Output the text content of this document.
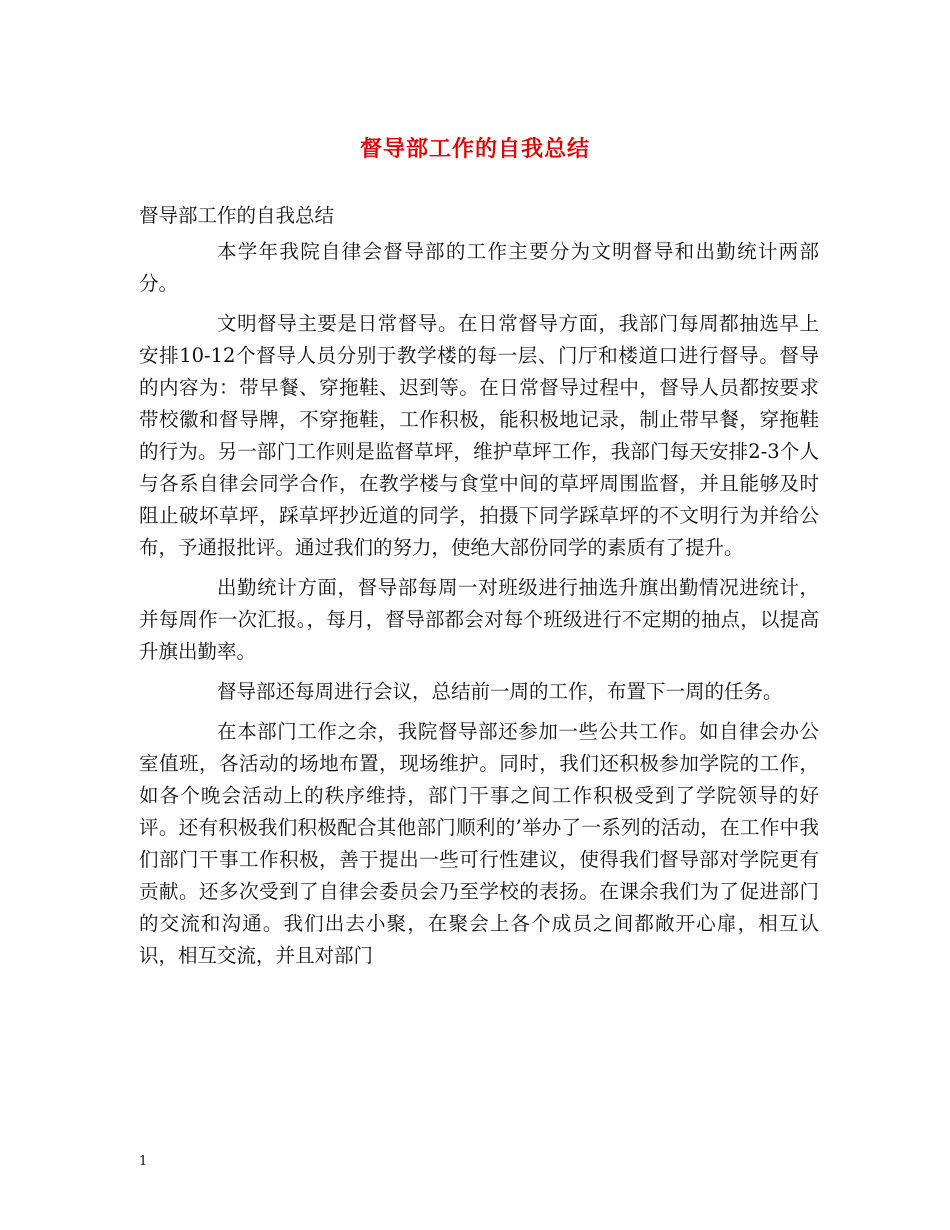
督导部工作的自我总结

督导部工作的自我总结

本学年我院自律会督导部的工作主要分为文明督导和出勤统计两部分。

文明督导主要是日常督导。在日常督导方面，我部门每周都抽选早上安排10-12个督导人员分别于教学楼的每一层、门厅和楼道口进行督导。督导的内容为：带早餐、穿拖鞋、迟到等。在日常督导过程中，督导人员都按要求带校徽和督导牌，不穿拖鞋，工作积极，能积极地记录，制止带早餐，穿拖鞋的行为。另一部门工作则是监督草坪，维护草坪工作，我部门每天安排2-3个人与各系自律会同学合作，在教学楼与食堂中间的草坪周围监督，并且能够及时阻止破坏草坪，踩草坪抄近道的同学，拍摄下同学踩草坪的不文明行为并给公布，予通报批评。通过我们的努力，使绝大部份同学的素质有了提升。

出勤统计方面，督导部每周一对班级进行抽选升旗出勤情况进统计，并每周作一次汇报。，每月，督导部都会对每个班级进行不定期的抽点，以提高升旗出勤率。

督导部还每周进行会议，总结前一周的工作，布置下一周的任务。

在本部门工作之余，我院督导部还参加一些公共工作。如自律会办公室值班，各活动的场地布置，现场维护。同时，我们还积极参加学院的工作，如各个晚会活动上的秩序维持，部门干事之间工作积极受到了学院领导的好评。还有积极我们积极配合其他部门顺利的’举办了一系列的活动，在工作中我们部门干事工作积极，善于提出一些可行性建议，使得我们督导部对学院更有贡献。还多次受到了自律会委员会乃至学校的表扬。在课余我们为了促进部门的交流和沟通。我们出去小聚，在聚会上各个成员之间都敞开心扉，相互认识，相互交流，并且对部门

1
